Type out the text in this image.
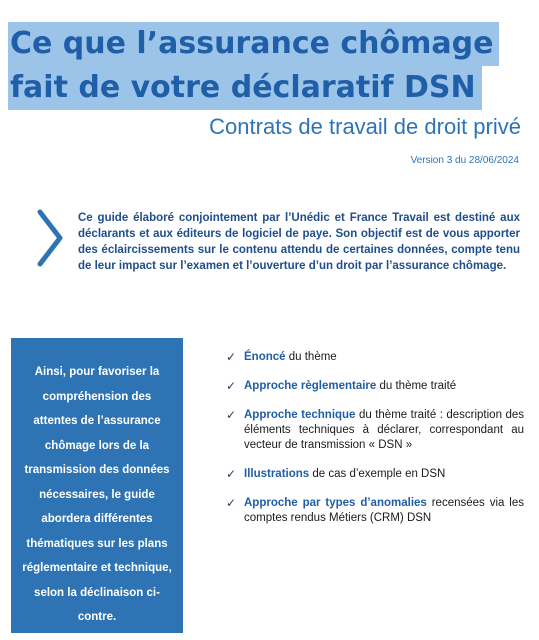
Ce que l’assurance chômage
fait de votre déclaratif DSN
Contrats de travail de droit privé
Version 3 du 28/06/2024

Ce guide élaboré conjointement par l’Unédic et France Travail est destiné aux déclarants et aux éditeurs de logiciel de paye. Son objectif est de vous apporter des éclaircissements sur le contenu attendu de certaines données, compte tenu de leur impact sur l’examen et l’ouverture d’un droit par l’assurance chômage.

Ainsi, pour favoriser la compréhension des attentes de l’assurance chômage lors de la transmission des données nécessaires, le guide abordera différentes thématiques sur les plans réglementaire et technique, selon la déclinaison ci-contre.
✓ Énoncé du thème
✓ Approche règlementaire du thème traité
✓ Approche technique du thème traité : description des éléments techniques à déclarer, correspondant au vecteur de transmission « DSN »
✓ Illustrations de cas d’exemple en DSN
✓ Approche par types d’anomalies recensées via les comptes rendus Métiers (CRM) DSN
